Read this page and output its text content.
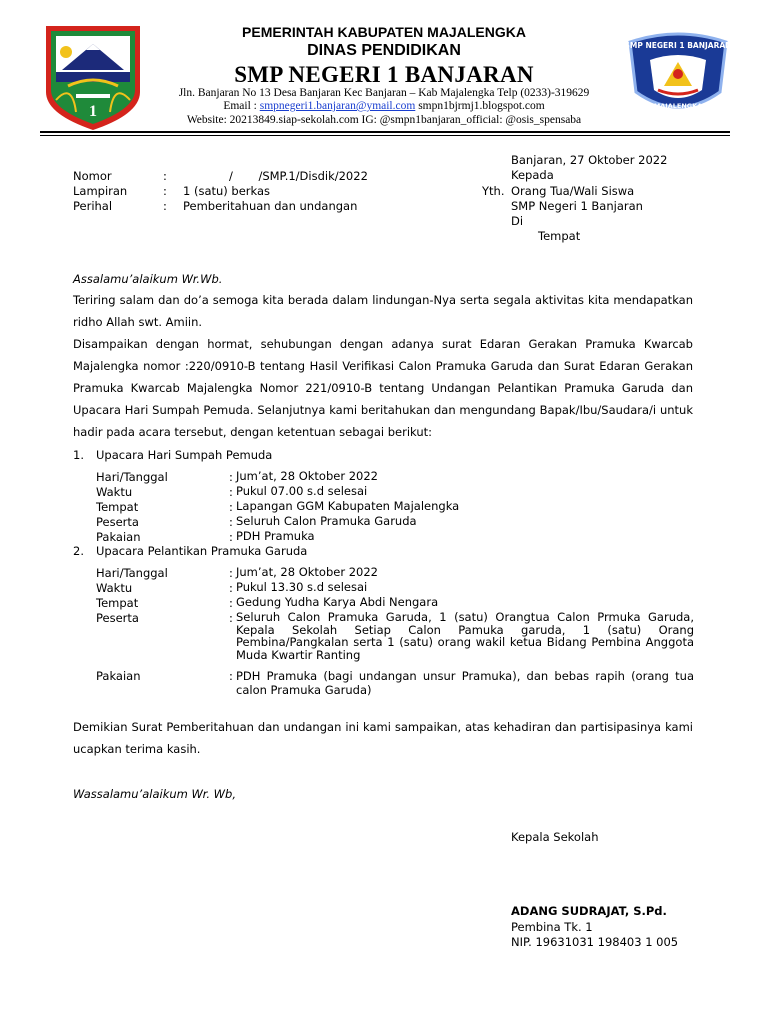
1
SMP NEGERI 1 BANJARAN
MAJALENGKA
PEMERINTAH KABUPATEN MAJALENGKA
DINAS PENDIDIKAN
SMP NEGERI 1 BANJARAN
Jln. Banjaran No 13 Desa Banjaran Kec Banjaran – Kab Majalengka Telp (0233)-319629
Email : smpnegeri1.banjaran@ymail.com smpn1bjrmj1.blogspot.com
Website: 20213849.siap-sekolah.com IG: @smpn1banjaran_official: @osis_spensaba
Banjaran, 27 Oktober 2022
Kepada
Yth. Orang Tua/Wali Siswa
SMP Negeri 1 Banjaran
Di
Tempat
Nomor	:	/       /SMP.1/Disdik/2022
Lampiran	: 1 (satu) berkas
Perihal	: Pemberitahuan dan undangan
Assalamu’alaikum Wr.Wb.
Teriring salam dan do’a semoga kita berada dalam lindungan-Nya serta segala aktivitas kita mendapatkan ridho Allah swt. Amiin.
Disampaikan dengan hormat, sehubungan dengan adanya surat Edaran Gerakan Pramuka Kwarcab Majalengka nomor :220/0910-B tentang Hasil Verifikasi Calon Pramuka Garuda dan Surat Edaran Gerakan Pramuka Kwarcab Majalengka Nomor 221/0910-B tentang Undangan Pelantikan Pramuka Garuda dan Upacara Hari Sumpah Pemuda. Selanjutnya kami beritahukan dan mengundang Bapak/Ibu/Saudara/i untuk hadir pada acara tersebut, dengan ketentuan sebagai berikut:
1. Upacara Hari Sumpah Pemuda
Hari/Tanggal	: Jum’at, 28 Oktober 2022
Waktu	: Pukul 07.00 s.d selesai
Tempat	: Lapangan GGM Kabupaten Majalengka
Peserta	: Seluruh Calon Pramuka Garuda
Pakaian	: PDH Pramuka
2. Upacara Pelantikan Pramuka Garuda
Hari/Tanggal	: Jum’at, 28 Oktober 2022
Waktu	: Pukul 13.30 s.d selesai
Tempat	: Gedung Yudha Karya Abdi Nengara
Peserta	: Seluruh Calon Pramuka Garuda, 1 (satu) Orangtua Calon Prmuka Garuda, Kepala Sekolah Setiap Calon Pamuka garuda, 1 (satu) Orang Pembina/Pangkalan serta 1 (satu) orang wakil ketua Bidang Pembina Anggota Muda Kwartir Ranting
Pakaian	: PDH Pramuka (bagi undangan unsur Pramuka), dan bebas rapih (orang tua calon Pramuka Garuda)
Demikian Surat Pemberitahuan dan undangan ini kami sampaikan, atas kehadiran dan partisipasinya kami ucapkan terima kasih.
Wassalamu’alaikum Wr. Wb,
Kepala Sekolah
ADANG SUDRAJAT, S.Pd.
Pembina Tk. 1
NIP. 19631031 198403 1 005
